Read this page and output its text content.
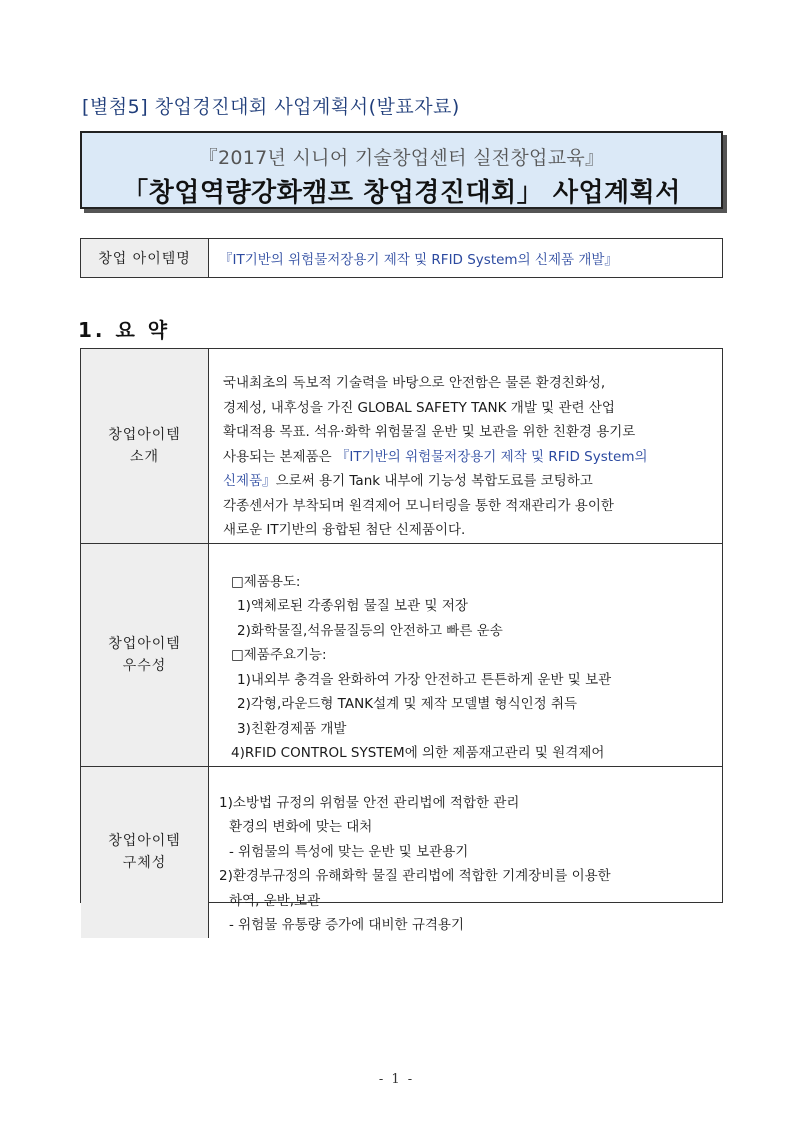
[별첨5] 창업경진대회 사업계획서(발표자료)
『2017년 시니어 기술창업센터 실전창업교육』
「창업역량강화캠프 창업경진대회」 사업계획서
창업 아이템명	『IT기반의 위험물저장용기 제작 및 RFID System의 신제품 개발』
1. 요 약
창업아이템
소개
국내최초의 독보적 기술력을 바탕으로 안전함은 물론 환경친화성,
경제성, 내후성을 가진 GLOBAL SAFETY TANK 개발 및 관련 산업
확대적용 목표. 석유·화학 위험물질 운반 및 보관을 위한 친환경 용기로
사용되는 본제품은 『IT기반의 위험물저장용기 제작 및 RFID System의
신제품』으로써 용기 Tank 내부에 기능성 복합도료를 코팅하고
각종센서가 부착되며 원격제어 모니터링을 통한 적재관리가 용이한
새로운 IT기반의 융합된 첨단 신제품이다.
창업아이템
우수성
□제품용도:
1)액체로된 각종위험 물질 보관 및 저장
2)화학물질,석유물질등의 안전하고 빠른 운송
□제품주요기능:
1)내외부 충격을 완화하여 가장 안전하고 튼튼하게 운반 및 보관
2)각형,라운드형 TANK설계 및 제작 모델별 형식인정 취득
3)친환경제품 개발
4)RFID CONTROL SYSTEM에 의한 제품재고관리 및 원격제어
창업아이템
구체성
1)소방법 규정의 위험물 안전 관리법에 적합한 관리
환경의 변화에 맞는 대처
- 위험물의 특성에 맞는 운반 및 보관용기
2)환경부규정의 유해화학 물질 관리법에 적합한 기계장비를 이용한
하역, 운반,보관
- 위험물 유통량 증가에 대비한 규격용기
- 1 -
